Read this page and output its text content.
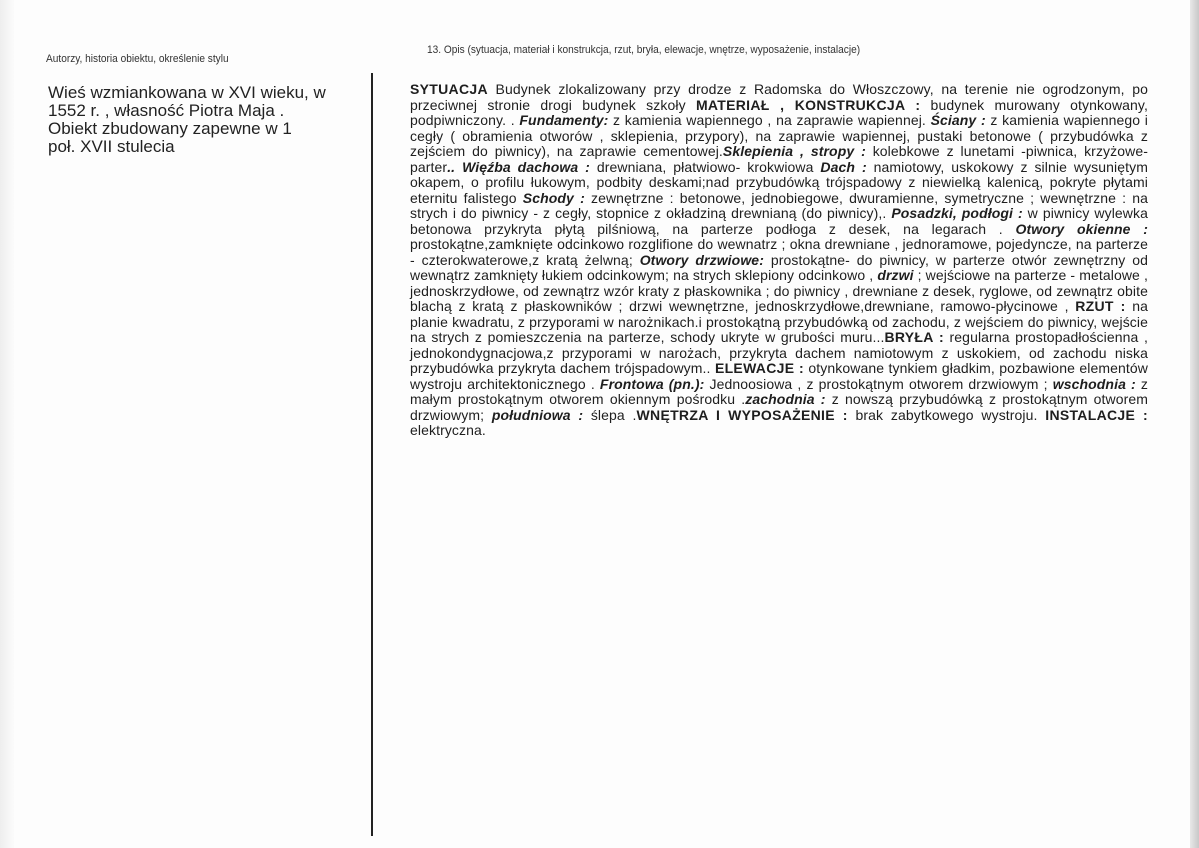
Autorzy, historia obiektu, określenie stylu
13. Opis (sytuacja, materiał i konstrukcja, rzut, bryła, elewacje, wnętrze, wyposażenie, instalacje)
Wieś wzmiankowana w XVI wieku, w
1552 r. , własność Piotra Maja .
Obiekt zbudowany zapewne w 1
poł. XVII stulecia
SYTUACJA Budynek zlokalizowany przy drodze z Radomska do Włoszczowy, na terenie nie ogrodzonym, po przeciwnej stronie drogi budynek szkoły MATERIAŁ , KONSTRUKCJA : budynek murowany otynkowany, podpiwniczony. . Fundamenty: z kamienia wapiennego , na zaprawie wapiennej. Ściany : z kamienia wapiennego i cegły ( obramienia otworów , sklepienia, przypory), na zaprawie wapiennej, pustaki betonowe ( przybudówka z zejściem do piwnicy), na zaprawie cementowej.Sklepienia , stropy : kolebkowe z lunetami -piwnica, krzyżowe- parter.. Więźba dachowa : drewniana, płatwiowo- krokwiowa Dach : namiotowy, uskokowy z silnie wysuniętym okapem, o profilu łukowym, podbity deskami;nad przybudówką trójspadowy z niewielką kalenicą, pokryte płytami eternitu falistego Schody : zewnętrzne : betonowe, jednobiegowe, dwuramienne, symetryczne ; wewnętrzne : na strych i do piwnicy - z cegły, stopnice z okładziną drewnianą (do piwnicy),. Posadzki, podłogi : w piwnicy wylewka betonowa przykryta płytą pilśniową, na parterze podłoga z desek, na legarach . Otwory okienne : prostokątne,zamknięte odcinkowo rozglifione do wewnatrz ; okna drewniane , jednoramowe, pojedyncze, na parterze - czterokwaterowe,z kratą żelwną; Otwory drzwiowe: prostokątne- do piwnicy, w parterze otwór zewnętrzny od wewnątrz zamknięty łukiem odcinkowym; na strych sklepiony odcinkowo , drzwi ; wejściowe na parterze - metalowe , jednoskrzydłowe, od zewnątrz wzór kraty z płaskownika ; do piwnicy , drewniane z desek, ryglowe, od zewnątrz obite blachą z kratą z płaskowników ; drzwi wewnętrzne, jednoskrzydłowe,drewniane, ramowo-płycinowe , RZUT : na planie kwadratu, z przyporami w narożnikach.i prostokątną przybudówką od zachodu, z wejściem do piwnicy, wejście na strych z pomieszczenia na parterze, schody ukryte w grubości muru...BRYŁA : regularna prostopadłościenna , jednokondygnacjowa,z przyporami w narożach, przykryta dachem namiotowym z uskokiem, od zachodu niska przybudówka przykryta dachem trójspadowym.. ELEWACJE : otynkowane tynkiem gładkim, pozbawione elementów wystroju architektonicznego . Frontowa (pn.): Jednoosiowa , z prostokątnym otworem drzwiowym ; wschodnia : z małym prostokątnym otworem okiennym pośrodku .zachodnia : z nowszą przybudówką z prostokątnym otworem drzwiowym; południowa : ślepa .WNĘTRZA I WYPOSAŻENIE : brak zabytkowego wystroju. INSTALACJE : elektryczna.
